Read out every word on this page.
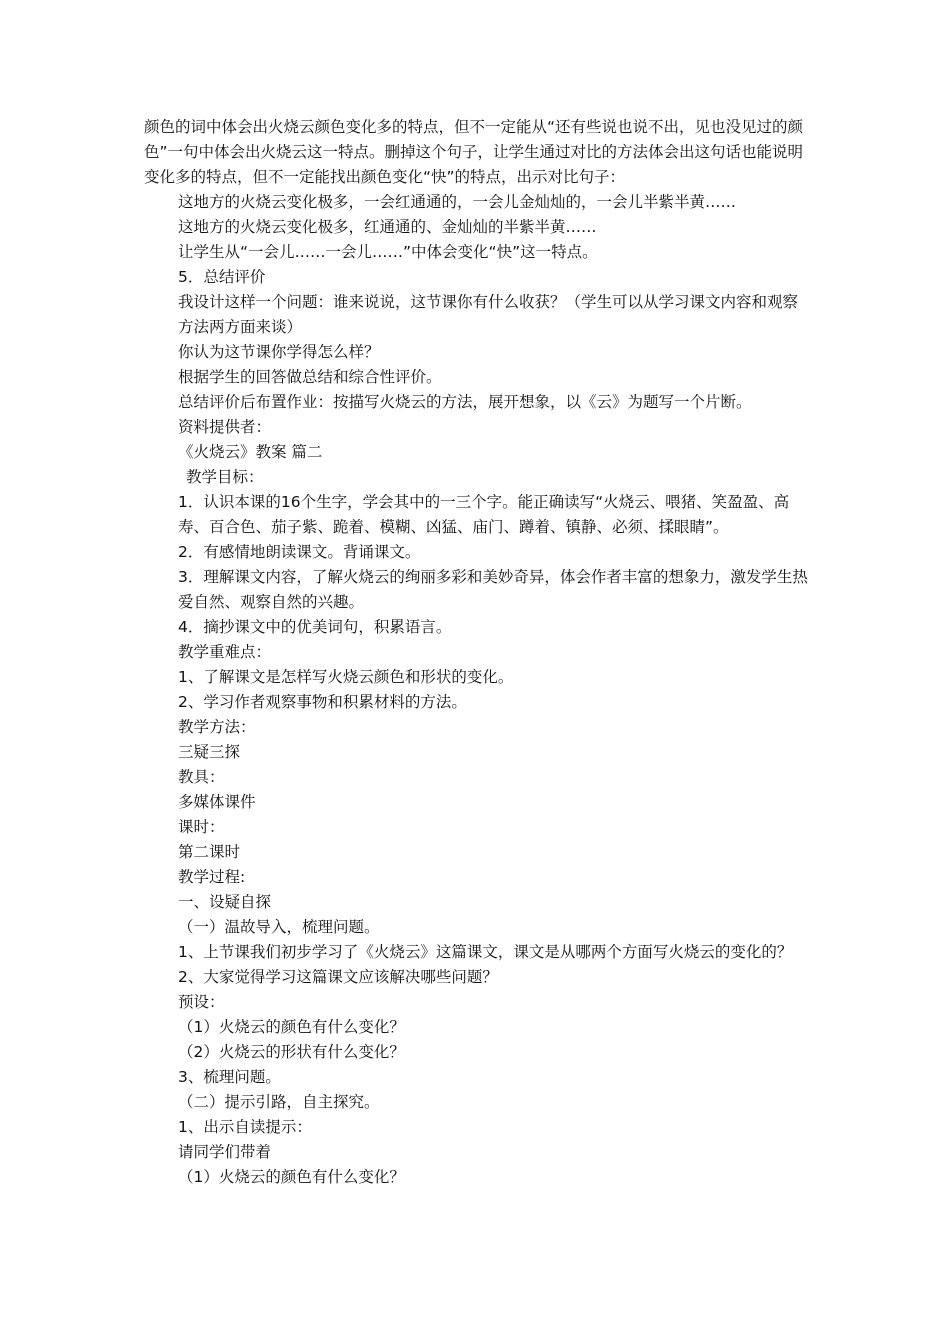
颜色的词中体会出火烧云颜色变化多的特点，但不一定能从“还有些说也说不出，见也没见过的颜色”一句中体会出火烧云这一特点。删掉这个句子，让学生通过对比的方法体会出这句话也能说明变化多的特点，但不一定能找出颜色变化“快”的特点，出示对比句子：

这地方的火烧云变化极多，一会红通通的，一会儿金灿灿的，一会儿半紫半黄……

这地方的火烧云变化极多，红通通的、金灿灿的半紫半黄……

让学生从“一会儿……一会儿……”中体会变化“快”这一特点。

5．总结评价

我设计这样一个问题：谁来说说，这节课你有什么收获？（学生可以从学习课文内容和观察方法两方面来谈）

你认为这节课你学得怎么样？

根据学生的回答做总结和综合性评价。

总结评价后布置作业：按描写火烧云的方法，展开想象，以《云》为题写一个片断。

资料提供者：

《火烧云》教案 篇二

教学目标：

1．认识本课的16个生字，学会其中的一三个字。能正确读写“火烧云、喂猪、笑盈盈、高寿、百合色、茄子紫、跪着、模糊、凶猛、庙门、蹲着、镇静、必须、揉眼睛”。

2．有感情地朗读课文。背诵课文。

3．理解课文内容，了解火烧云的绚丽多彩和美妙奇异，体会作者丰富的想象力，激发学生热爱自然、观察自然的兴趣。

4．摘抄课文中的优美词句，积累语言。

教学重难点：

1、了解课文是怎样写火烧云颜色和形状的变化。

2、学习作者观察事物和积累材料的方法。

教学方法：

三疑三探

教具：

多媒体课件

课时：

第二课时

教学过程:

一、设疑自探

（一）温故导入，梳理问题。

1、上节课我们初步学习了《火烧云》这篇课文，课文是从哪两个方面写火烧云的变化的？

2、大家觉得学习这篇课文应该解决哪些问题？

预设：

（1）火烧云的颜色有什么变化？

（2）火烧云的形状有什么变化？

3、梳理问题。

（二）提示引路，自主探究。

1、出示自读提示：

请同学们带着

（1）火烧云的颜色有什么变化？
